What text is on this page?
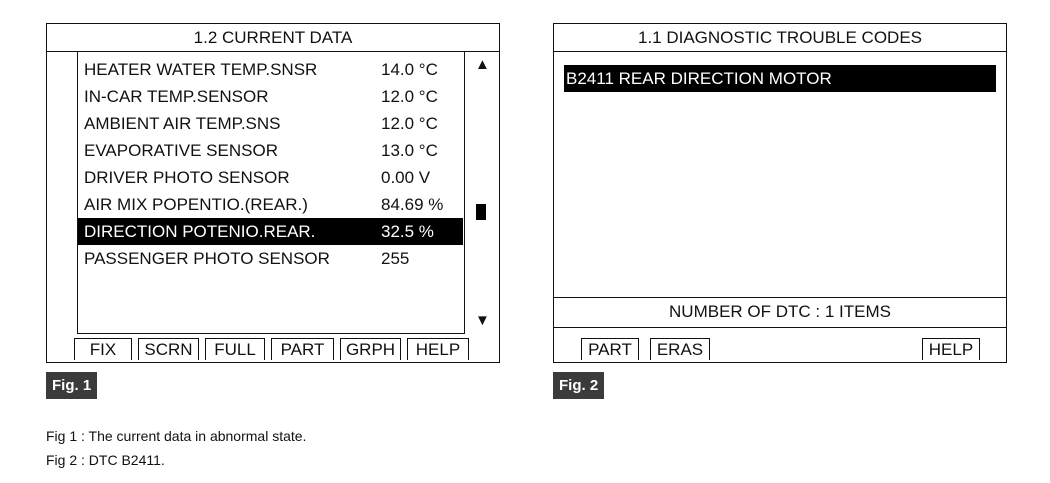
1.2 CURRENT DATA
HEATER WATER TEMP.SNSR	14.0 °C
IN-CAR TEMP.SENSOR	12.0 °C
AMBIENT AIR TEMP.SNS	12.0 °C
EVAPORATIVE SENSOR	13.0 °C
DRIVER PHOTO SENSOR	0.00 V
AIR MIX POPENTIO.(REAR.)	84.69 %
DIRECTION POTENIO.REAR.	32.5 %
PASSENGER PHOTO SENSOR	255
▲
▼
FIX	SCRN	FULL	PART	GRPH	HELP
Fig. 1
1.1 DIAGNOSTIC TROUBLE CODES
B2411 REAR DIRECTION MOTOR
NUMBER OF DTC : 1 ITEMS
PART	ERAS	HELP
Fig. 2
Fig 1 : The current data in abnormal state.
Fig 2 : DTC B2411.
